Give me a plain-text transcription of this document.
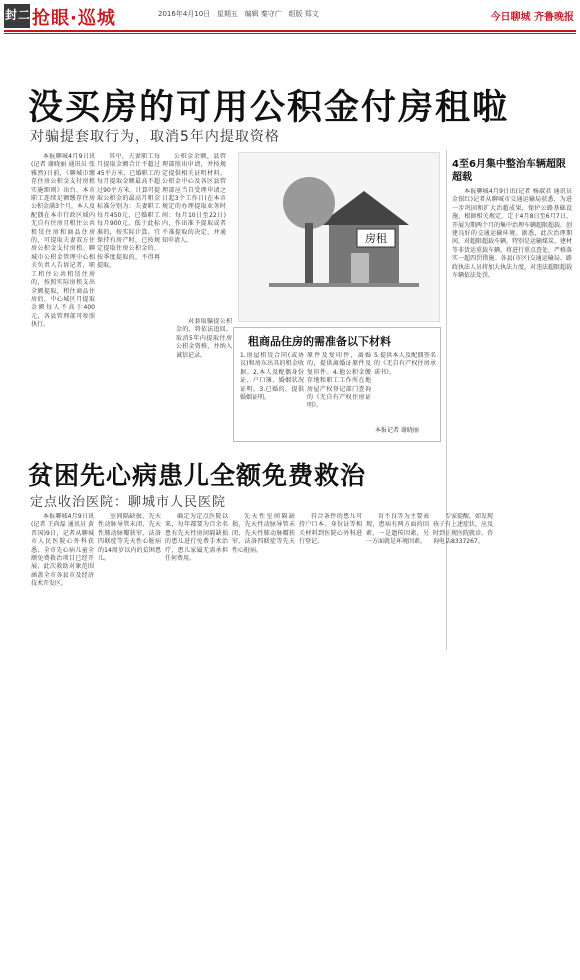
封二 抢眼·巡城	2016年4月10日 星期五 编辑 秦守广 组版 郑文	今日聊城 齐鲁晚报
没买房的可用公积金付房租啦
对骗提套取行为，取消5年内提取资格

本报聊城4月9日讯(记者 谢晓丽 通讯员 张雅然)日前，《聊城市缴存住房公积金支付房租实施细则》出台，本市职工连续足额缴存住房公积金满3个月，本人及配偶在本市行政区域内无自有住房且租住公共租赁住房和商品住房的，可提取夫妻双方住房公积金支付房租。聊城市公积金管理中心相关负责人告诉记者，职工租住公共租赁住房的，按照实际房租支出全额提取，租住商品住房的，中心城区月提取金额每人不高于400元，各县管理部可参照执行。

其中，夫妻职工每月提取金额合计不超过45平方米，已婚职工的每月提取金额最高不超过90平方米。计算可提取公积金的最高月租金标准分别为：夫妻职工每月450元，已婚职工每月900元。低于此标准的，按实际计算。宜保持有房产时，已按规定提取住房公积金的，按季度提取的，不得再提取。

公积金余额，县管理部照出申请，并按规定提供相关证明材料。公积金中心及各区县管理部应当自受理申请之日起3个工作日(在本市规定的办理提取业务时间：每月10日至22日)内，作出准予提取或者不准提取的决定，并通知申请人。

对套取骗提公积金的，将依法追回，取消5年内提取住房公积金资格，并纳入诚信记录。

房租
租商品住房的需准备以下材料

1.房屋租赁合同(或协议)和房东出具的租金收据。2.本人及配偶身份证、户口簿、婚姻状况证明。3.已婚的，提供婚姻证明。

原件及复印件，离婚的，提供离婚证原件及复印件。4.他公积金缴存地和职工工作所在地房屋产权登记部门查询的《无自有产权住房证明》。

5.提供本人及配偶签名的《无自有产权住房承诺书》。

本报记者 谢晓丽
4至6月集中整治车辆超限超载

本报聊城4月9日讯(记者 杨淑君 通讯员 金银红)记者从聊城市交通运输局获悉，为进一步巩固和扩大治超成果，保护公路基础设施，根据相关规定，定于4月8日至6月7日，开展为期两个月的集中治理车辆超限超载、创建良好的交通运输环境。据悉，此次治理期间，对超限超载车辆，特别是运输煤炭、建材等非货运重载车辆，将进行重点查处，严格落实一超四罚措施。各县(市区)交通运输局、路政执法人员将加大执法力度，对违法超限超载车辆依法处罚。

贫困先心病患儿全额免费救治
定点收治医院：聊城市人民医院

本报聊城4月9日讯(记者 王尚磊 通讯员 黄晋国)9日，记者从聊城市人民医院心外科获悉，全市先心病儿童全额免费救治项目已经开展，此次救助对象范围涵盖全市各县市及经济技术开发区。

室间隔缺损、先天性动脉导管未闭、先天性肺动脉瓣狭窄、法洛四联症等先天性心脏病的14周岁以内的贫困患儿。

确定为定点医院以来，每年都要为百余名患有先天性房间隔缺损的患儿进行免费手术治疗，患儿家属无需承担任何费用。

先天性室间隔缺损、先天性动脉导管未闭、先天性肺动脉瓣狭窄、法洛四联症等先天性心脏病。

符合条件的患儿可持户口本、身份证等相关材料到医院心外科进行登记。

育不良等为主要表现，患病有两方面的因素，一是遗传因素，另一方面就是环境因素。

专家提醒，如发现孩子有上述症状，应及时到正规医院就诊。咨询电话8337267。
